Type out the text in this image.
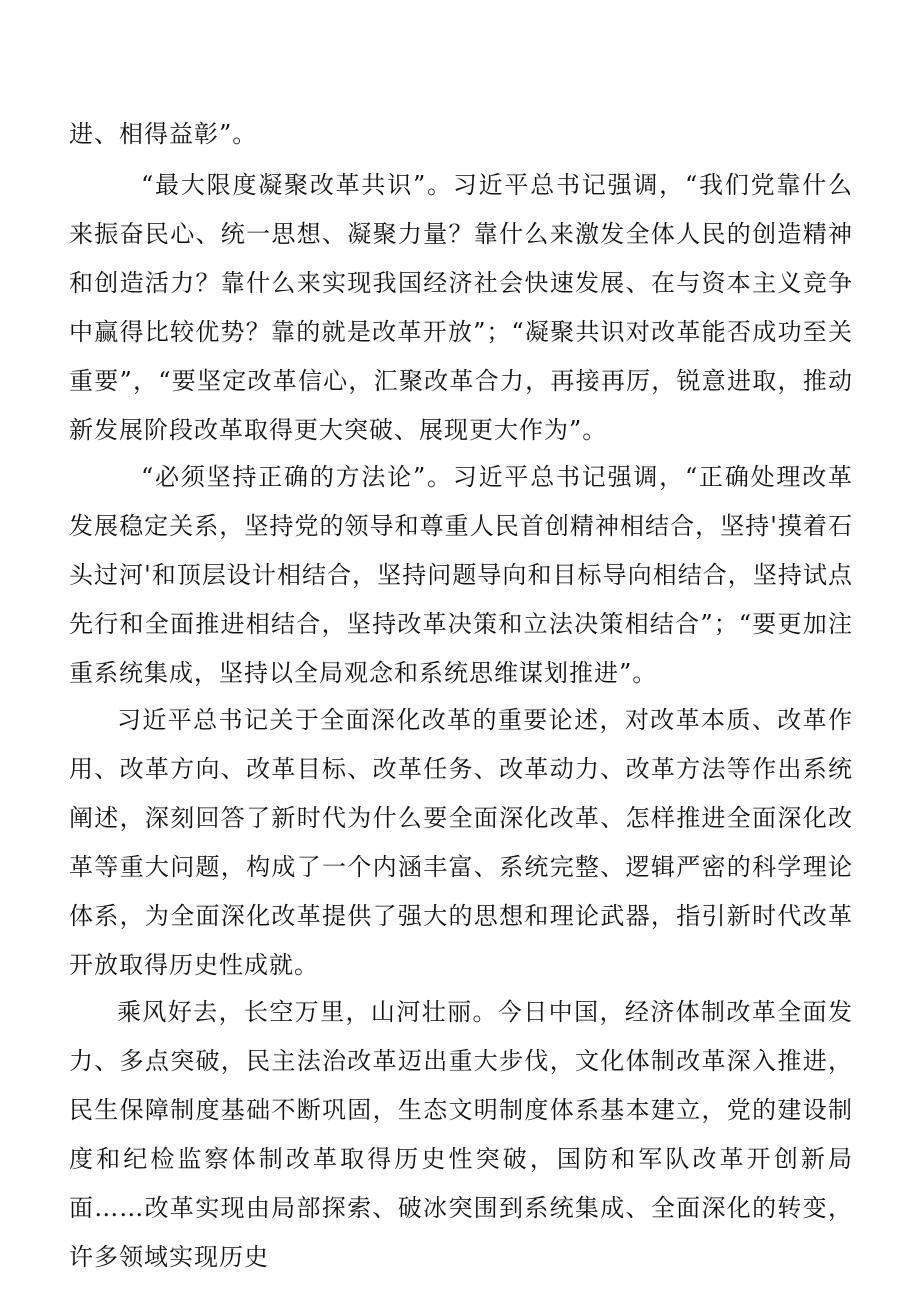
进、相得益彰”。

“最大限度凝聚改革共识”。习近平总书记强调，“我们党靠什么来振奋民心、统一思想、凝聚力量？靠什么来激发全体人民的创造精神和创造活力？靠什么来实现我国经济社会快速发展、在与资本主义竞争中赢得比较优势？靠的就是改革开放”；“凝聚共识对改革能否成功至关重要”，“要坚定改革信心，汇聚改革合力，再接再厉，锐意进取，推动新发展阶段改革取得更大突破、展现更大作为”。

“必须坚持正确的方法论”。习近平总书记强调，“正确处理改革发展稳定关系，坚持党的领导和尊重人民首创精神相结合，坚持'摸着石头过河'和顶层设计相结合，坚持问题导向和目标导向相结合，坚持试点先行和全面推进相结合，坚持改革决策和立法决策相结合”；“要更加注重系统集成，坚持以全局观念和系统思维谋划推进”。

习近平总书记关于全面深化改革的重要论述，对改革本质、改革作用、改革方向、改革目标、改革任务、改革动力、改革方法等作出系统阐述，深刻回答了新时代为什么要全面深化改革、怎样推进全面深化改革等重大问题，构成了一个内涵丰富、系统完整、逻辑严密的科学理论体系，为全面深化改革提供了强大的思想和理论武器，指引新时代改革开放取得历史性成就。

乘风好去，长空万里，山河壮丽。今日中国，经济体制改革全面发力、多点突破，民主法治改革迈出重大步伐，文化体制改革深入推进，民生保障制度基础不断巩固，生态文明制度体系基本建立，党的建设制度和纪检监察体制改革取得历史性突破，国防和军队改革开创新局面……改革实现由局部探索、破冰突围到系统集成、全面深化的转变，许多领域实现历史
